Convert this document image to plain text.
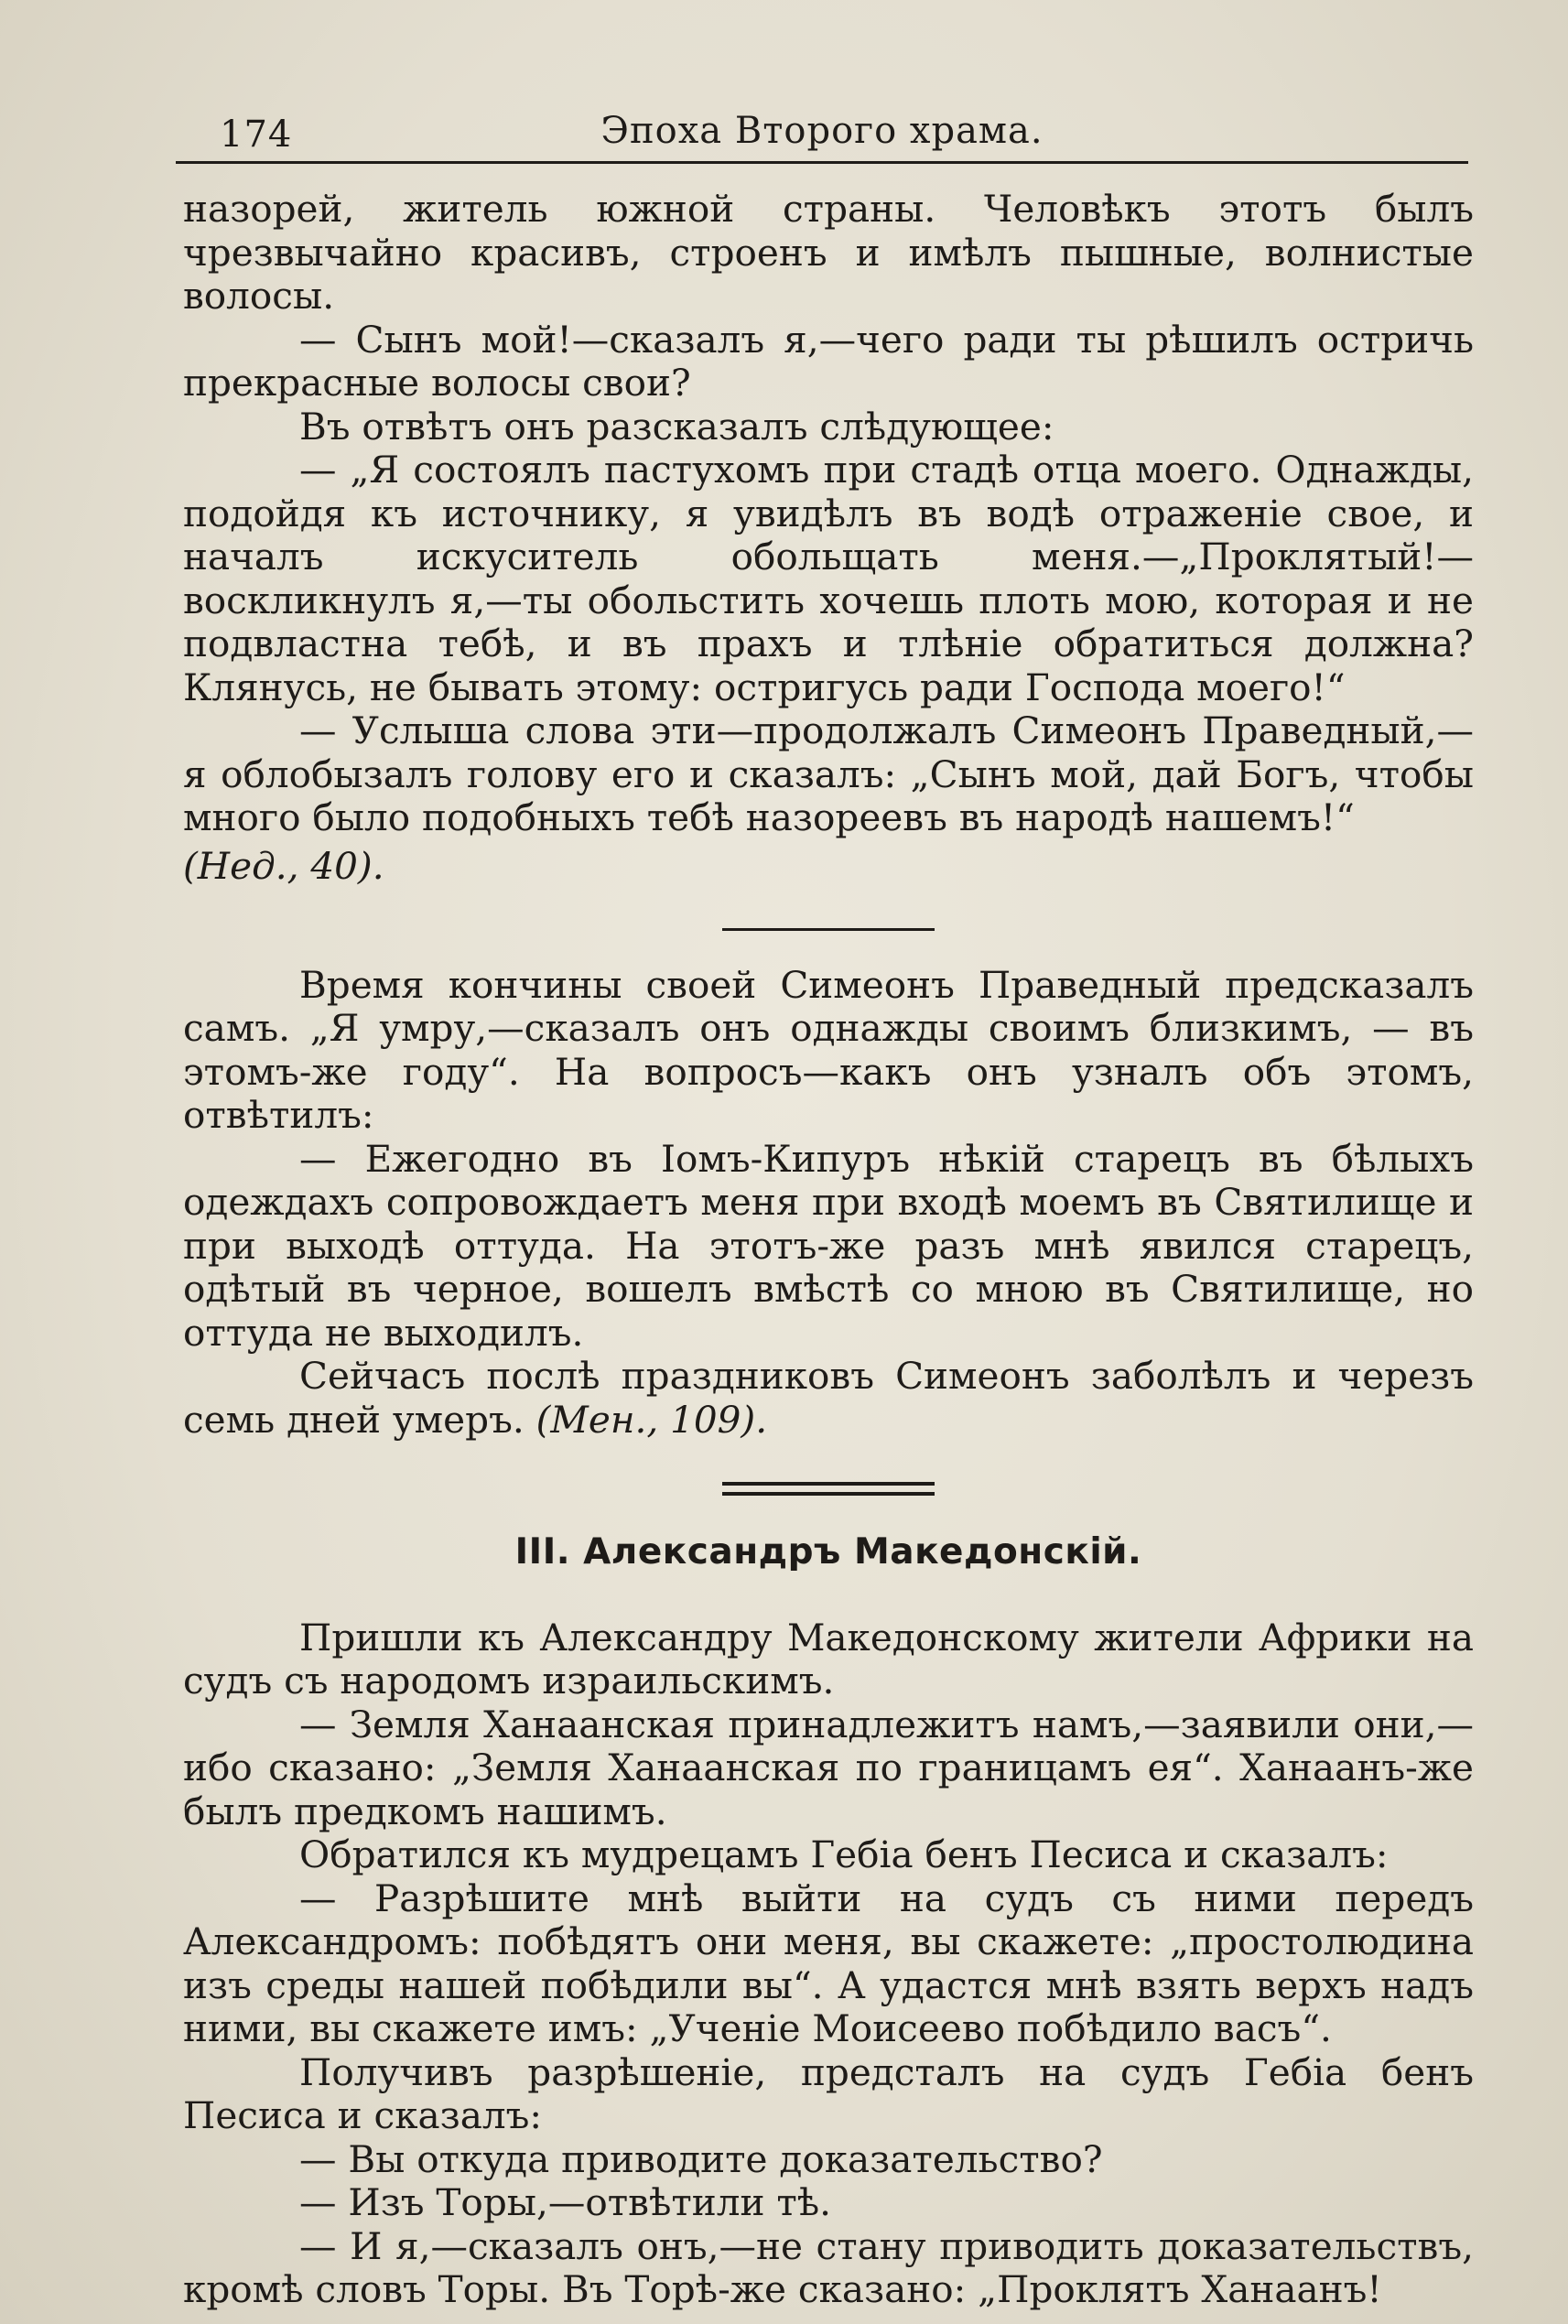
174	Эпоха Второго храма.

назорей, житель южной страны. Человѣкъ этотъ былъ чрезвычайно красивъ, строенъ и имѣлъ пышные, волнистые волосы.

— Сынъ мой!—сказалъ я,—чего ради ты рѣшилъ остричь прекрасные волосы свои?

Въ отвѣтъ онъ разсказалъ слѣдующее:

— „Я состоялъ пастухомъ при стадѣ отца моего. Однажды, подойдя къ источнику, я увидѣлъ въ водѣ отраженіе свое, и началъ искуситель обольщать меня.—„Проклятый!—воскликнулъ я,—ты обольстить хочешь плоть мою, которая и не подвластна тебѣ, и въ прахъ и тлѣніе обратиться должна? Клянусь, не бывать этому: остригусь ради Господа моего!“

— Услыша слова эти—продолжалъ Симеонъ Праведный,—я облобызалъ голову его и сказалъ: „Сынъ мой, дай Богъ, чтобы много было подобныхъ тебѣ назореевъ въ народѣ нашемъ!“

(Нед., 40).

Время кончины своей Симеонъ Праведный предсказалъ самъ. „Я умру,—сказалъ онъ однажды своимъ близкимъ, — въ этомъ-же году“. На вопросъ—какъ онъ узналъ объ этомъ, отвѣтилъ:

— Ежегодно въ Іомъ-Кипуръ нѣкій старецъ въ бѣлыхъ одеждахъ сопровождаетъ меня при входѣ моемъ въ Святилище и при выходѣ оттуда. На этотъ-же разъ мнѣ явился старецъ, одѣтый въ черное, вошелъ вмѣстѣ со мною въ Святилище, но оттуда не выходилъ.

Сейчасъ послѣ праздниковъ Симеонъ заболѣлъ и черезъ семь дней умеръ. (Мен., 109).

III. Александръ Македонскій.

Пришли къ Александру Македонскому жители Африки на судъ съ народомъ израильскимъ.

— Земля Ханаанская принадлежитъ намъ,—заявили они,—ибо сказано: „Земля Ханаанская по границамъ ея“. Ханаанъ-же былъ предкомъ нашимъ.

Обратился къ мудрецамъ Гебіа бенъ Песиса и сказалъ:

— Разрѣшите мнѣ выйти на судъ съ ними передъ Александромъ: побѣдятъ они меня, вы скажете: „простолюдина изъ среды нашей побѣдили вы“. А удастся мнѣ взять верхъ надъ ними, вы скажете имъ: „Ученіе Моисеево побѣдило васъ“.

Получивъ разрѣшеніе, предсталъ на судъ Гебіа бенъ Песиса и сказалъ:

— Вы откуда приводите доказательство?

— Изъ Торы,—отвѣтили тѣ.

— И я,—сказалъ онъ,—не стану приводить доказательствъ, кромѣ словъ Торы. Въ Торѣ-же сказано: „Проклятъ Ханаанъ!
